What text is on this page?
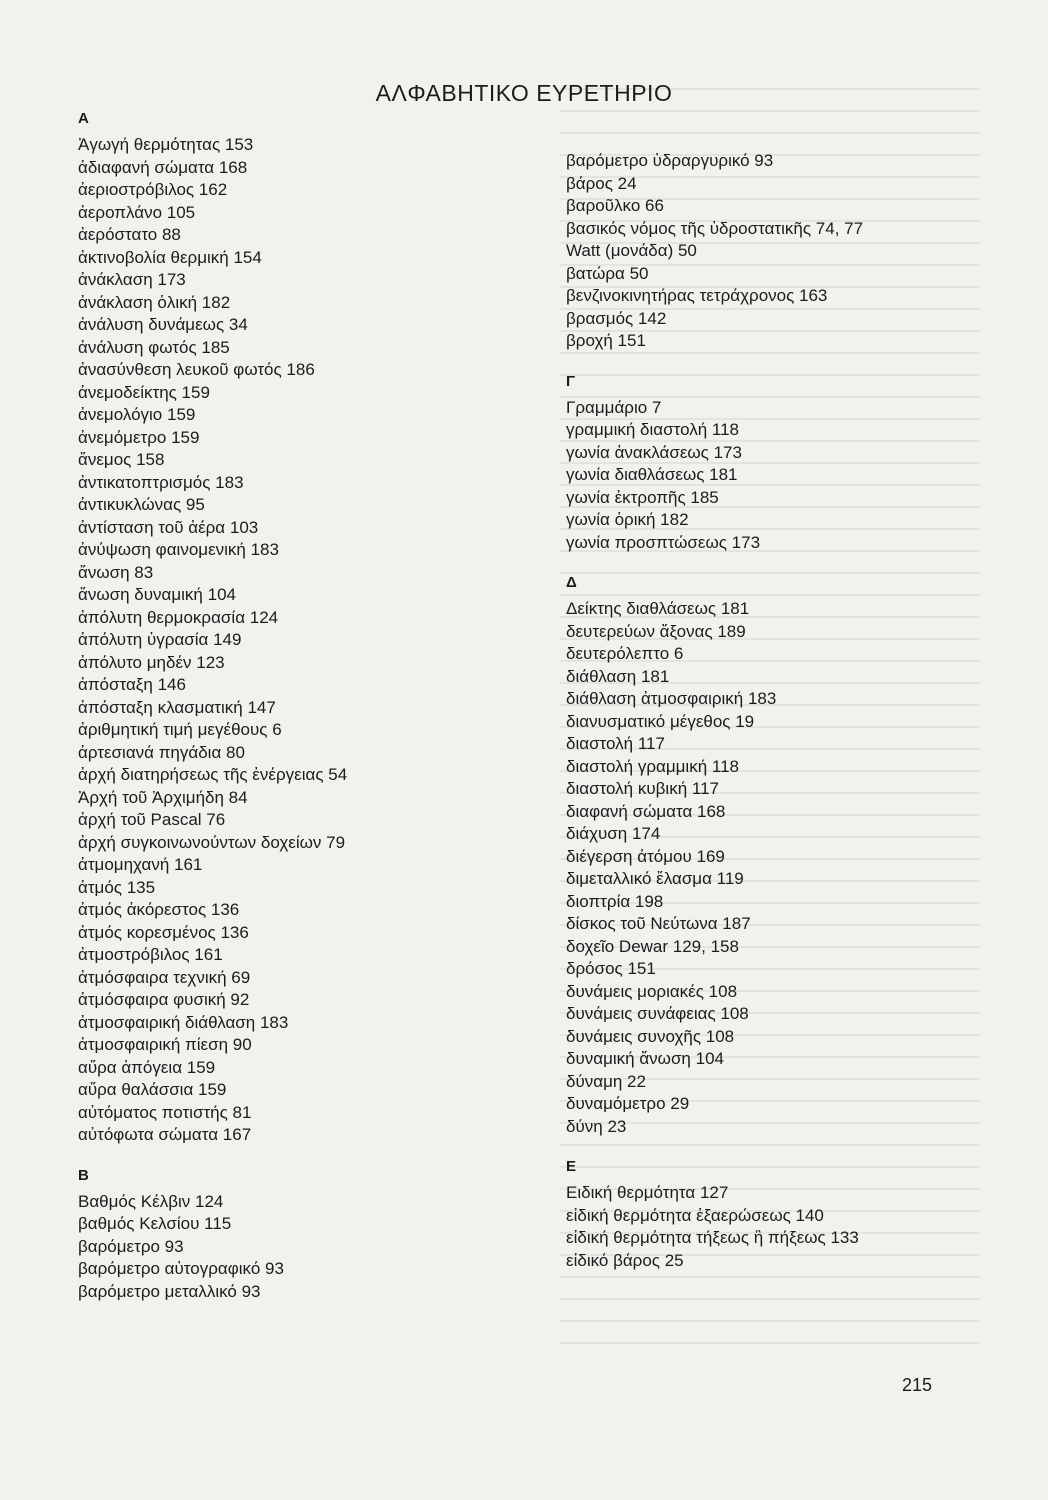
ΑΛΦΑΒΗΤΙΚΟ ΕΥΡΕΤΗΡΙΟ
Α
Ἀγωγή θερμότητας 153
ἀδιαφανή σώματα 168
ἀεριοστρόβιλος 162
ἀεροπλάνο 105
ἀερόστατο 88
ἀκτινοβολία θερμική 154
ἀνάκλαση 173
ἀνάκλαση ὁλική 182
ἀνάλυση δυνάμεως 34
ἀνάλυση φωτός 185
ἀνασύνθεση λευκοῦ φωτός 186
ἀνεμοδείκτης 159
ἀνεμολόγιο 159
ἀνεμόμετρο 159
ἄνεμος 158
ἀντικατοπτρισμός 183
ἀντικυκλώνας 95
ἀντίσταση τοῦ ἀέρα 103
ἀνύψωση φαινομενική 183
ἄνωση 83
ἄνωση δυναμική 104
ἀπόλυτη θερμοκρασία 124
ἀπόλυτη ὑγρασία 149
ἀπόλυτο μηδέν 123
ἀπόσταξη 146
ἀπόσταξη κλασματική 147
ἀριθμητική τιμή μεγέθους 6
ἀρτεσιανά πηγάδια 80
ἀρχή διατηρήσεως τῆς ἐνέργειας 54
Ἀρχή τοῦ Ἀρχιμήδη 84
ἀρχή τοῦ Pascal 76
ἀρχή συγκοινωνούντων δοχείων 79
ἀτμομηχανή 161
ἀτμός 135
ἀτμός ἀκόρεστος 136
ἀτμός κορεσμένος 136
ἀτμοστρόβιλος 161
ἀτμόσφαιρα τεχνική 69
ἀτμόσφαιρα φυσική 92
ἀτμοσφαιρική διάθλαση 183
ἀτμοσφαιρική πίεση 90
αὔρα ἀπόγεια 159
αὔρα θαλάσσια 159
αὐτόματος ποτιστής 81
αὐτόφωτα σώματα 167
Β
Βαθμός Κέλβιν 124
βαθμός Κελσίου 115
βαρόμετρο 93
βαρόμετρο αὐτογραφικό 93
βαρόμετρο μεταλλικό 93
βαρόμετρο ὑδραργυρικό 93
βάρος 24
βαροῦλκο 66
βασικός νόμος τῆς ὑδροστατικῆς 74, 77
Watt (μονάδα) 50
βατώρα 50
βενζινοκινητήρας τετράχρονος 163
βρασμός 142
βροχή 151
Γ
Γραμμάριο 7
γραμμική διαστολή 118
γωνία ἀνακλάσεως 173
γωνία διαθλάσεως 181
γωνία ἐκτροπῆς 185
γωνία ὁρική 182
γωνία προσπτώσεως 173
Δ
Δείκτης διαθλάσεως 181
δευτερεύων ἄξονας 189
δευτερόλεπτο 6
διάθλαση 181
διάθλαση ἀτμοσφαιρική 183
διανυσματικό μέγεθος 19
διαστολή 117
διαστολή γραμμική 118
διαστολή κυβική 117
διαφανή σώματα 168
διάχυση 174
διέγερση ἀτόμου 169
διμεταλλικό ἔλασμα 119
διοπτρία 198
δίσκος τοῦ Νεύτωνα 187
δοχεῖο Dewar 129, 158
δρόσος 151
δυνάμεις μοριακές 108
δυνάμεις συνάφειας 108
δυνάμεις συνοχῆς 108
δυναμική ἄνωση 104
δύναμη 22
δυναμόμετρο 29
δύνη 23
Ε
Ειδική θερμότητα 127
εἰδική θερμότητα ἐξαερώσεως 140
εἰδική θερμότητα τήξεως ἢ πήξεως 133
εἰδικό βάρος 25
215
